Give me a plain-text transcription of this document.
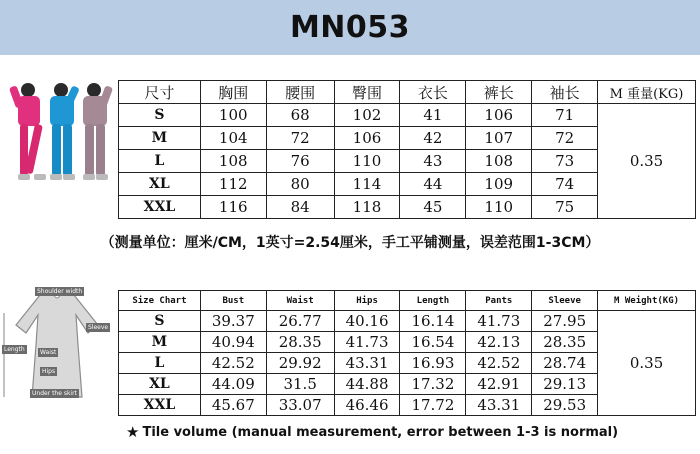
MN053
尺寸	胸围	腰围	臀围	衣长	裤长	袖长	M 重量(KG)
S	100	68	102	41	106	71	0.35
M	104	72	106	42	107	72	
L	108	76	110	43	108	73	
XL	112	80	114	44	109	74	
XXL	116	84	118	45	110	75	
（测量单位：厘米/CM，1英寸=2.54厘米，手工平铺测量，误差范围1-3CM）
Shoulder width
Sleeve
Length	Waist
Hips
Under the skirt
Size Chart	Bust	Waist	Hips	Length	Pants	Sleeve	M Weight(KG)
S	39.37	26.77	40.16	16.14	41.73	27.95	0.35
M	40.94	28.35	41.73	16.54	42.13	28.35	
L	42.52	29.92	43.31	16.93	42.52	28.74	
XL	44.09	31.5	44.88	17.32	42.91	29.13	
XXL	45.67	33.07	46.46	17.72	43.31	29.53	
★ Tile volume (manual measurement, error between 1-3 is normal)
